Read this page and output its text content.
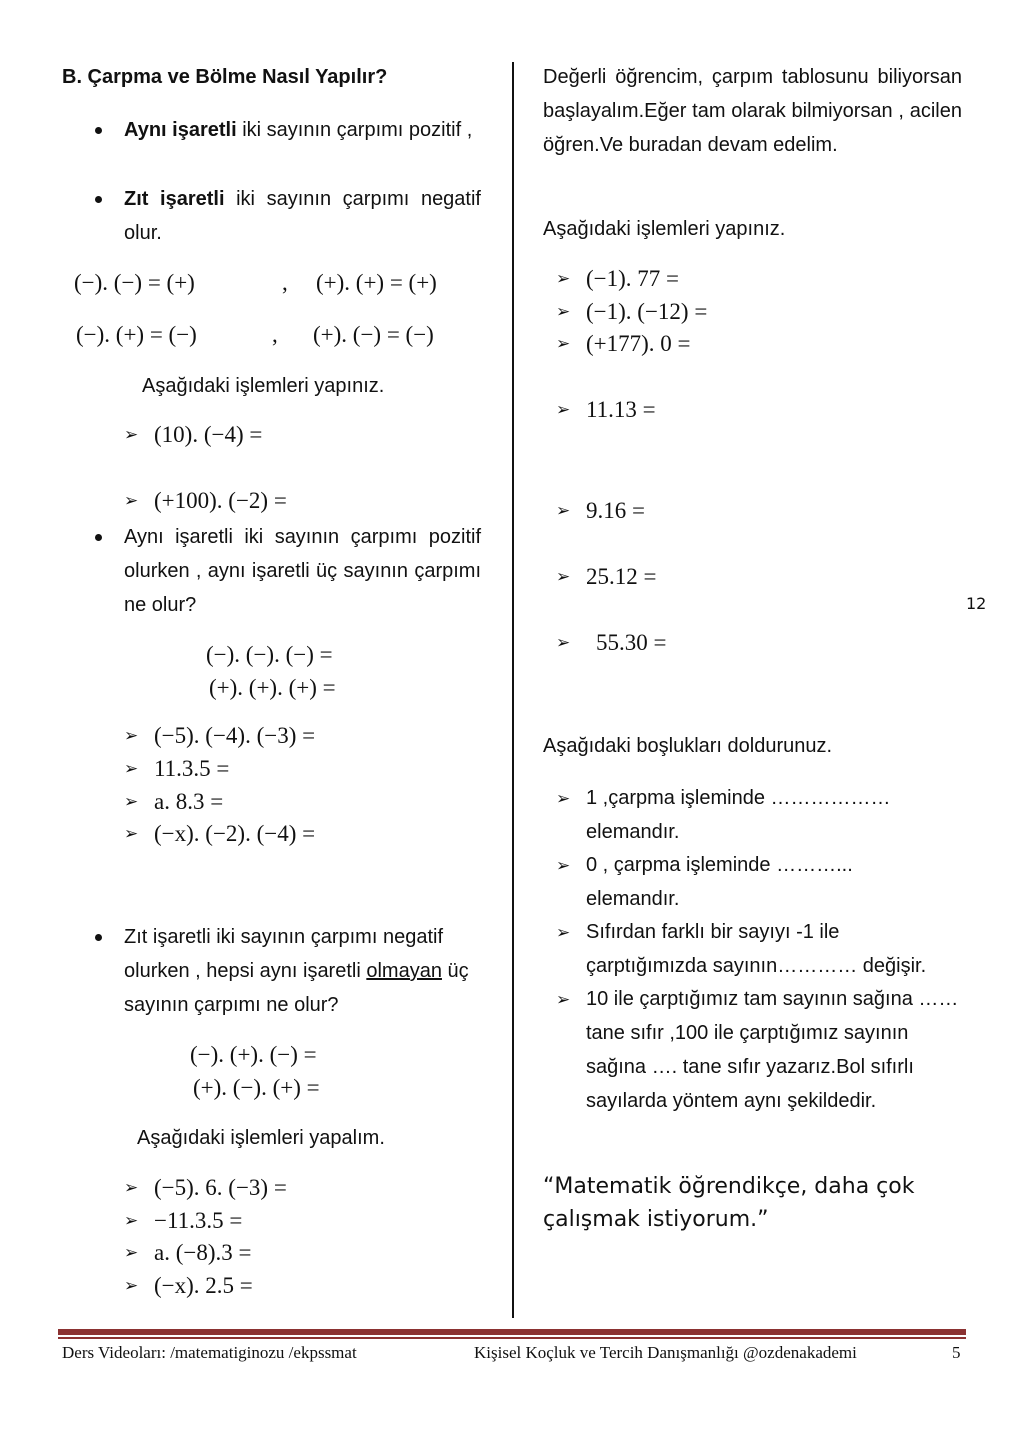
B. Çarpma ve Bölme Nasıl Yapılır?
Aynı işaretli iki sayının çarpımı pozitif ,
Zıt işaretli iki sayının çarpımı negatif olur.
(−). (−) = (+)	, (+). (+) = (+)
(−). (+) = (−)	, (+). (−) = (−)
Aşağıdaki işlemleri yapınız.
➢ (10). (−4) =
➢ (+100). (−2) =
Aynı işaretli iki sayının çarpımı pozitif olurken , aynı işaretli üç sayının çarpımı ne olur?
(−). (−). (−) =
(+). (+). (+) =
➢ (−5). (−4). (−3) =
➢ 11.3.5 =
➢ a. 8.3 =
➢ (−x). (−2). (−4) =
Zıt işaretli iki sayının çarpımı negatif olurken , hepsi aynı işaretli olmayan üç sayının çarpımı ne olur?
(−). (+). (−) =
(+). (−). (+) =
Aşağıdaki işlemleri yapalım.
➢ (−5). 6. (−3) =
➢ −11.3.5 =
➢ a. (−8).3 =
➢ (−x). 2.5 =
Değerli öğrencim, çarpım tablosunu biliyorsan başlayalım.Eğer tam olarak bilmiyorsan , acilen öğren.Ve buradan devam edelim.
Aşağıdaki işlemleri yapınız.
➢ (−1). 77 =
➢ (−1). (−12) =
➢ (+177). 0 =
➢ 11.13 =
➢ 9.16 =
➢ 25.12 =
➢	55.30 =
12
Aşağıdaki boşlukları doldurunuz.
➢ 1 ,çarpma işleminde ……………… elemandır.
➢ 0 , çarpma işleminde ………... elemandır.
➢ Sıfırdan farklı bir sayıyı -1 ile çarptığımızda sayının………… değişir.
➢ 10 ile çarptığımız tam sayının sağına …… tane sıfır ,100 ile çarptığımız sayının sağına …. tane sıfır yazarız.Bol sıfırlı sayılarda yöntem aynı şekildedir.
“Matematik öğrendikçe, daha çok çalışmak istiyorum.”
Ders Videoları: /matematiginozu /ekpssmat	Kişisel Koçluk ve Tercih Danışmanlığı @ozdenakademi	5
